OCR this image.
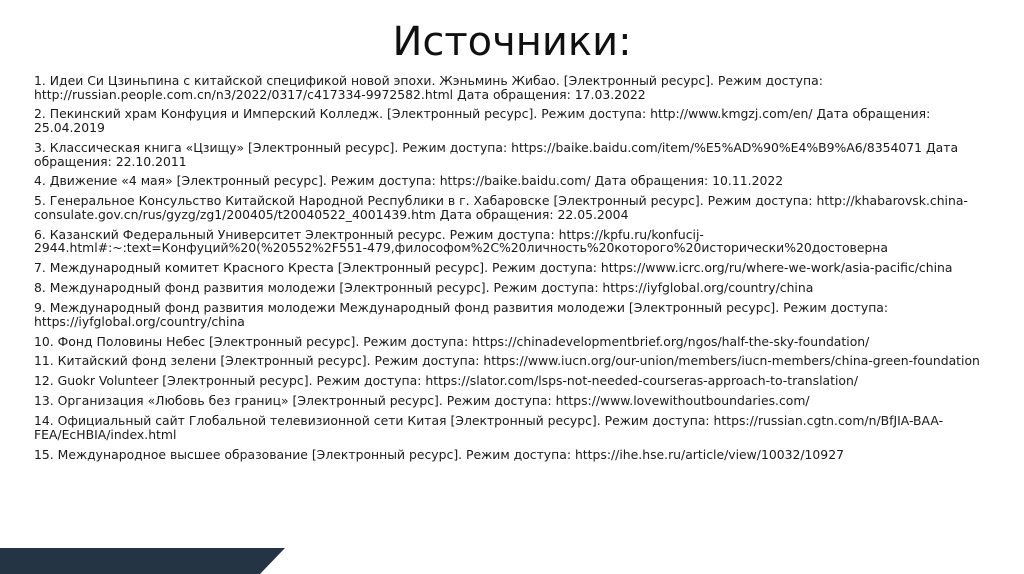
Источники:
1. Идеи Си Цзиньпина с китайской спецификой новой эпохи. Жэньминь Жибао. [Электронный ресурс]. Режим доступа: http://russian.people.com.cn/n3/2022/0317/c417334-9972582.html Дата обращения: 17.03.2022
2. Пекинский храм Конфуция и Имперский Колледж. [Электронный ресурс]. Режим доступа: http://www.kmgzj.com/en/ Дата обращения: 25.04.2019
3. Классическая книга «Цзищу» [Электронный ресурс]. Режим доступа: https://baike.baidu.com/item/%E5%AD%90%E4%B9%A6/8354071 Дата обращения: 22.10.2011
4. Движение «4 мая» [Электронный ресурс]. Режим доступа: https://baike.baidu.com/ Дата обращения: 10.11.2022
5. Генеральное Консульство Китайской Народной Республики в г. Хабаровске [Электронный ресурс]. Режим доступа: http://khabarovsk.china-consulate.gov.cn/rus/gyzg/zg1/200405/t20040522_4001439.htm Дата обращения: 22.05.2004
6. Казанский Федеральный Университет Электронный ресурс. Режим доступа: https://kpfu.ru/konfucij-2944.html#:~:text=Конфуций%20(%20552%2F551-479,философом%2C%20личность%20которого%20исторически%20достоверна
7. Международный комитет Красного Креста [Электронный ресурс]. Режим доступа: https://www.icrc.org/ru/where-we-work/asia-pacific/china
8. Международный фонд развития молодежи [Электронный ресурс]. Режим доступа: https://iyfglobal.org/country/china
9. Международный фонд развития молодежи Международный фонд развития молодежи [Электронный ресурс]. Режим доступа: https://iyfglobal.org/country/china
10. Фонд Половины Небес [Электронный ресурс]. Режим доступа: https://chinadevelopmentbrief.org/ngos/half-the-sky-foundation/
11. Китайский фонд зелени [Электронный ресурс]. Режим доступа: https://www.iucn.org/our-union/members/iucn-members/china-green-foundation
12. Guokr Volunteer [Электронный ресурс]. Режим доступа: https://slator.com/lsps-not-needed-courseras-approach-to-translation/
13. Организация «Любовь без границ» [Электронный ресурс]. Режим доступа: https://www.lovewithoutboundaries.com/
14. Официальный сайт Глобальной телевизионной сети Китая [Электронный ресурс]. Режим доступа: https://russian.cgtn.com/n/BfJIA-BAA-FEA/EcHBIA/index.html
15. Международное высшее образование [Электронный ресурс]. Режим доступа: https://ihe.hse.ru/article/view/10032/10927
